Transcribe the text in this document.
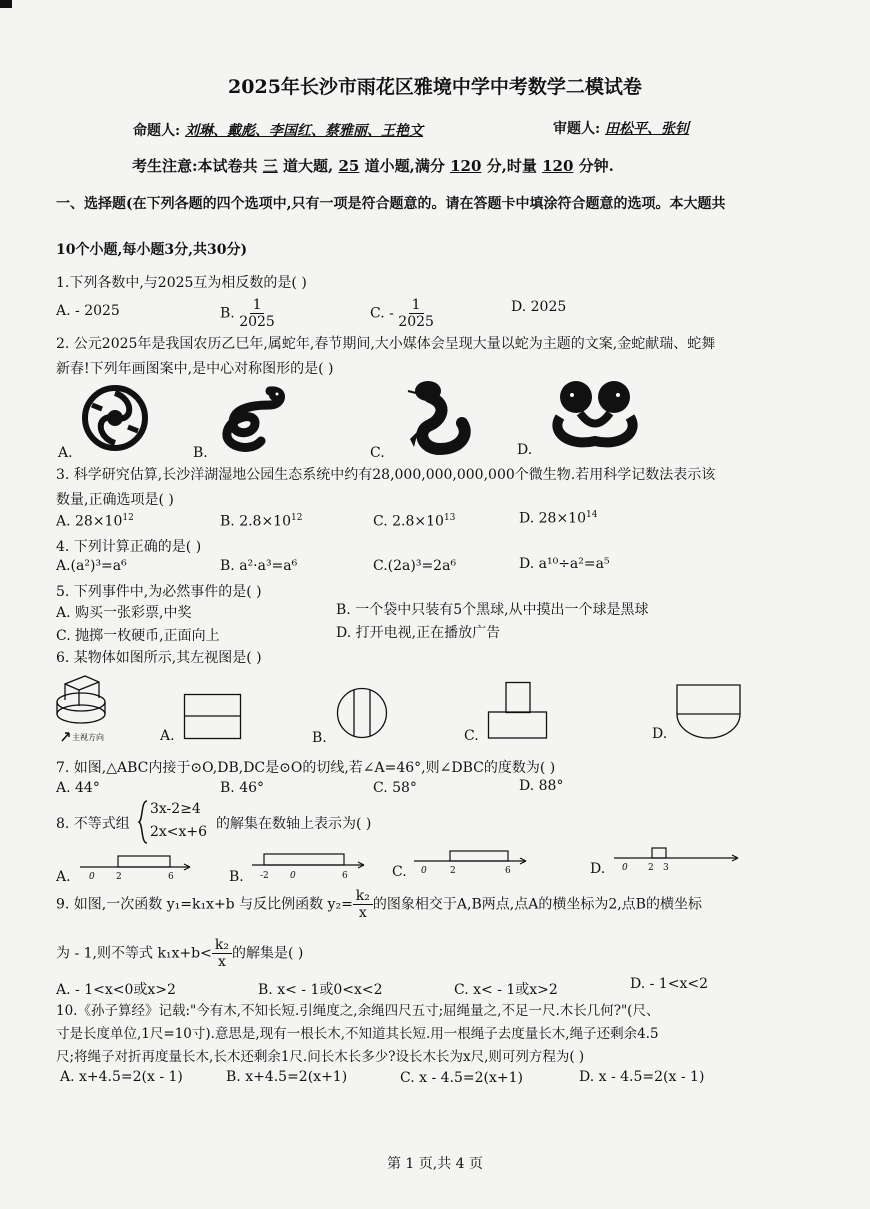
2025年长沙市雨花区雅境中学中考数学二模试卷
命题人: 刘琳、戴彪、李国红、蔡雅丽、王艳文	审题人: 田松平、张钊
考生注意:本试卷共 三 道大题, 25 道小题,满分 120 分,时量 120 分钟.
一、选择题(在下列各题的四个选项中,只有一项是符合题意的。请在答题卡中填涂符合题意的选项。本大题共
10个小题,每小题3分,共30分)
1.下列各数中,与2025互为相反数的是( )
A. - 2025	B. $\frac{1}{2025}$	C. - $\frac{1}{2025}$	D. 2025
2. 公元2025年是我国农历乙巳年,属蛇年,春节期间,大小媒体会呈现大量以蛇为主题的文案,金蛇献瑞、蛇舞
新春!下列年画图案中,是中心对称图形的是( )
A.	B.	C.	D.
3. 科学研究估算,长沙洋湖湿地公园生态系统中约有28,000,000,000,000个微生物.若用科学记数法表示该
数量,正确选项是( )
A. $28\times 10^{12}$	B. $2.8\times 10^{12}$	C. $2.8\times 10^{13}$	D. $28\times 10^{14}$
4. 下列计算正确的是( )
A.(a²)³=a⁶	B. a²·a³=a⁶	C.(2a)³=2a⁶	D. a¹⁰÷a²=a⁵
5. 下列事件中,为必然事件的是( )
A. 购买一张彩票,中奖	B. 一个袋中只装有5个黑球,从中摸出一个球是黑球
C. 抛掷一枚硬币,正面向上	D. 打开电视,正在播放广告
6. 某物体如图所示,其左视图是( )
主视方向	A.	B.	C.	D.
7. 如图,△ABC内接于⊙O,DB,DC是⊙O的切线,若∠A=46°,则∠DBC的度数为( )
A. 44°	B. 46°	C. 58°	D. 88°
8. 不等式组
3x-2≥4
2x<x+6 的解集在数轴上表示为( )
A. 0 2	6	B. -2 0	6	C. 0	2	6	D. 0 2 3
9. 如图,一次函数 y₁=k₁x+b 与反比例函数 $y_2= \frac{\text{k₂}}{x}$ 的图象相交于A,B两点,点A的横坐标为2,点B的横坐标
为 - 1,则不等式 $k_1x+b< \frac{\text{k₂}}{x}$ 的解集是( )
A. - 1<x<0或x>2	B. x< - 1或0<x<2	C. x< - 1或x>2	D. - 1<x<2
10.《孙子算经》记载:"今有木,不知长短.引绳度之,余绳四尺五寸;屈绳量之,不足一尺.木长几何?"(尺、
寸是长度单位,1尺=10寸).意思是,现有一根长木,不知道其长短.用一根绳子去度量长木,绳子还剩余4.5
尺;将绳子对折再度量长木,长木还剩余1尺.问长木长多少?设长木长为x尺,则可列方程为( )
A. x+4.5=2(x - 1)	B. x+4.5=2(x+1)	C. x - 4.5=2(x+1)	D. x - 4.5=2(x - 1)
第 1 页,共 4 页
